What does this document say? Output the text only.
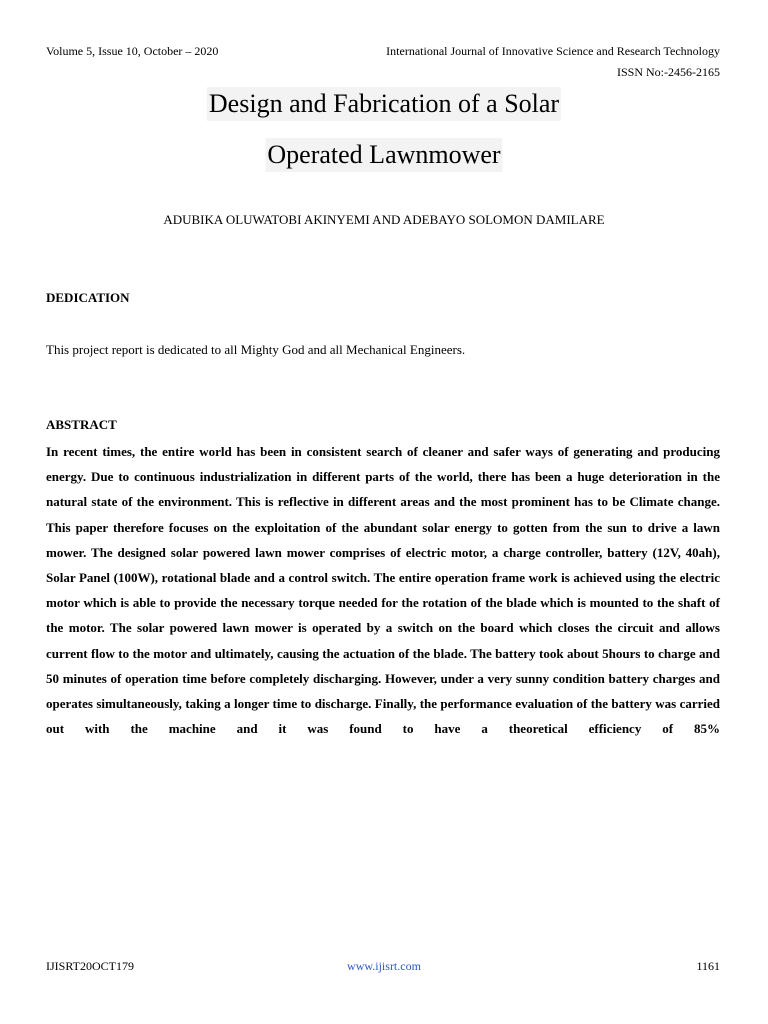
Volume 5, Issue 10, October – 2020	International Journal of Innovative Science and Research Technology
ISSN No:-2456-2165
Design and Fabrication of a Solar
Operated Lawnmower
ADUBIKA OLUWATOBI AKINYEMI AND ADEBAYO SOLOMON DAMILARE
DEDICATION
This project report is dedicated to all Mighty God and all Mechanical Engineers.
ABSTRACT
In recent times, the entire world has been in consistent search of cleaner and safer ways of generating and producing energy. Due to continuous industrialization in different parts of the world, there has been a huge deterioration in the natural state of the environment. This is reflective in different areas and the most prominent has to be Climate change. This paper therefore focuses on the exploitation of the abundant solar energy to gotten from the sun to drive a lawn mower. The designed solar powered lawn mower comprises of electric motor, a charge controller, battery (12V, 40ah), Solar Panel (100W), rotational blade and a control switch. The entire operation frame work is achieved using the electric motor which is able to provide the necessary torque needed for the rotation of the blade which is mounted to the shaft of the motor. The solar powered lawn mower is operated by a switch on the board which closes the circuit and allows current flow to the motor and ultimately, causing the actuation of the blade. The battery took about 5hours to charge and 50 minutes of operation time before completely discharging. However, under a very sunny condition battery charges and operates simultaneously, taking a longer time to discharge. Finally, the performance evaluation of the battery was carried out with the machine and it was found to have a theoretical efficiency of 85%
IJISRT20OCT179	www.ijisrt.com	1161
